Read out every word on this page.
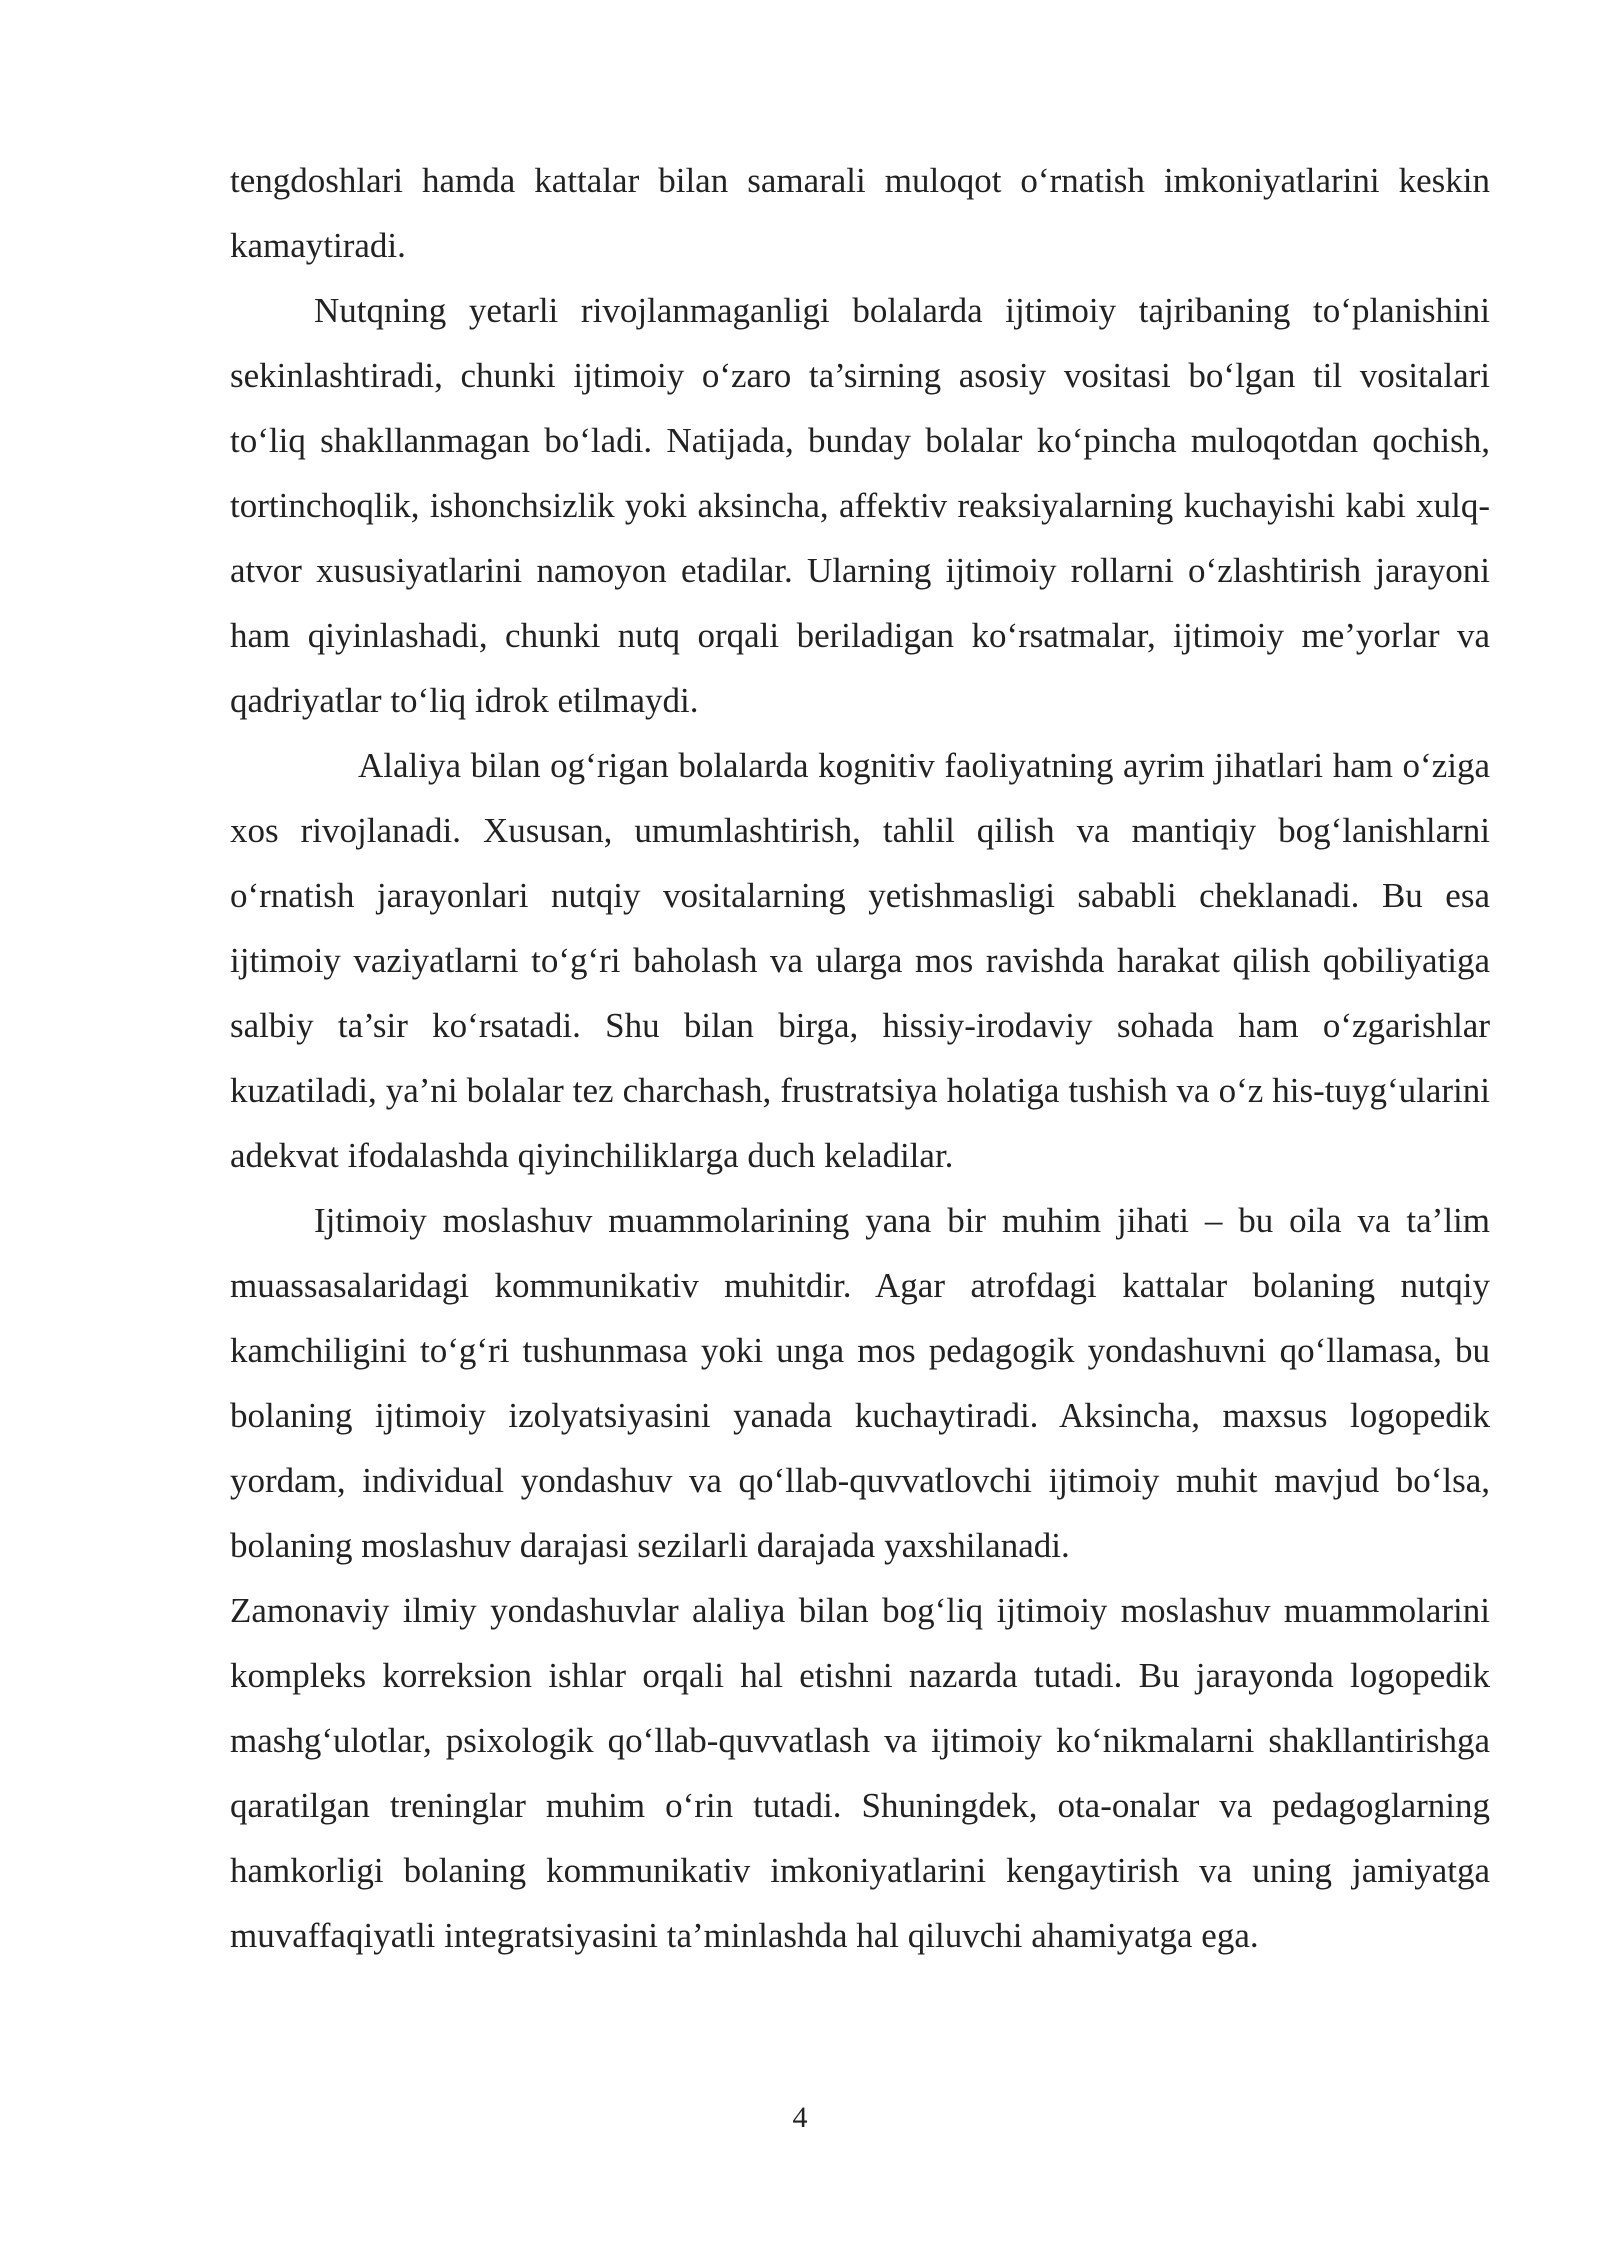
tengdoshlari hamda kattalar bilan samarali muloqot o‘rnatish imkoniyatlarini keskin kamaytiradi.

Nutqning yetarli rivojlanmaganligi bolalarda ijtimoiy tajribaning to‘planishini sekinlashtiradi, chunki ijtimoiy o‘zaro ta’sirning asosiy vositasi bo‘lgan til vositalari to‘liq shakllanmagan bo‘ladi. Natijada, bunday bolalar ko‘pincha muloqotdan qochish, tortinchoqlik, ishonchsizlik yoki aksincha, affektiv reaksiyalarning kuchayishi kabi xulq-atvor xususiyatlarini namoyon etadilar. Ularning ijtimoiy rollarni o‘zlashtirish jarayoni ham qiyinlashadi, chunki nutq orqali beriladigan ko‘rsatmalar, ijtimoiy me’yorlar va qadriyatlar to‘liq idrok etilmaydi.

Alaliya bilan og‘rigan bolalarda kognitiv faoliyatning ayrim jihatlari ham o‘ziga xos rivojlanadi. Xususan, umumlashtirish, tahlil qilish va mantiqiy bog‘lanishlarni o‘rnatish jarayonlari nutqiy vositalarning yetishmasligi sababli cheklanadi. Bu esa ijtimoiy vaziyatlarni to‘g‘ri baholash va ularga mos ravishda harakat qilish qobiliyatiga salbiy ta’sir ko‘rsatadi. Shu bilan birga, hissiy-irodaviy sohada ham o‘zgarishlar kuzatiladi, ya’ni bolalar tez charchash, frustratsiya holatiga tushish va o‘z his-tuyg‘ularini adekvat ifodalashda qiyinchiliklarga duch keladilar.

Ijtimoiy moslashuv muammolarining yana bir muhim jihati – bu oila va ta’lim muassasalaridagi kommunikativ muhitdir. Agar atrofdagi kattalar bolaning nutqiy kamchiligini to‘g‘ri tushunmasa yoki unga mos pedagogik yondashuvni qo‘llamasa, bu bolaning ijtimoiy izolyatsiyasini yanada kuchaytiradi. Aksincha, maxsus logopedik yordam, individual yondashuv va qo‘llab-quvvatlovchi ijtimoiy muhit mavjud bo‘lsa, bolaning moslashuv darajasi sezilarli darajada yaxshilanadi.

Zamonaviy ilmiy yondashuvlar alaliya bilan bog‘liq ijtimoiy moslashuv muammolarini kompleks korreksion ishlar orqali hal etishni nazarda tutadi. Bu jarayonda logopedik mashg‘ulotlar, psixologik qo‘llab-quvvatlash va ijtimoiy ko‘nikmalarni shakllantirishga qaratilgan treninglar muhim o‘rin tutadi. Shuningdek, ota-onalar va pedagoglarning hamkorligi bolaning kommunikativ imkoniyatlarini kengaytirish va uning jamiyatga muvaffaqiyatli integratsiyasini ta’minlashda hal qiluvchi ahamiyatga ega.

4
